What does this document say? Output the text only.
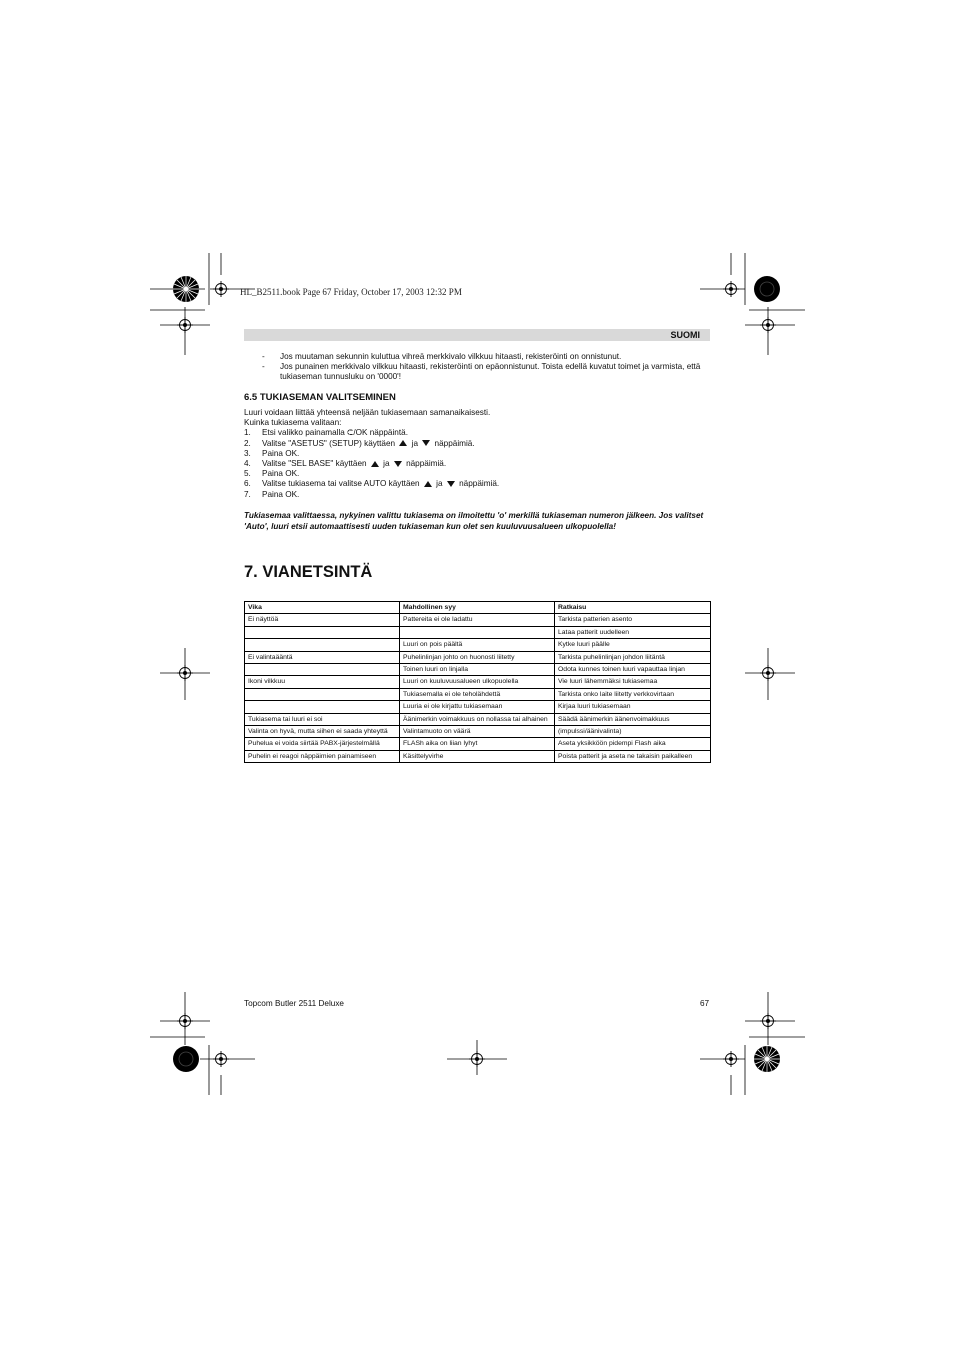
HL_B2511.book Page 67 Friday, October 17, 2003 12:32 PM
SUOMI
- Jos muutaman sekunnin kuluttua vihreä merkkivalo vilkkuu hitaasti, rekisteröinti on onnistunut.
- Jos punainen merkkivalo vilkkuu hitaasti, rekisteröinti on epäonnistunut. Toista edellä kuvatut toimet ja varmista, että tukiaseman tunnusluku on '0000'!
6.5 TUKIASEMAN VALITSEMINEN
Luuri voidaan liittää yhteensä neljään tukiasemaan samanaikaisesti.
Kuinka tukiasema valitaan:
1. Etsi valikko painamalla ⮈/OK näppäintä.
2. Valitse "ASETUS" (SETUP) käyttäen  ja  näppäimiä.
3. Paina OK.
4. Valitse "SEL BASE" käyttäen  ja  näppäimiä.
5. Paina OK.
6. Valitse tukiasema tai valitse AUTO käyttäen  ja  näppäimiä.
7. Paina OK.
Tukiasemaa valittaessa, nykyinen valittu tukiasema on ilmoitettu 'o' merkillä tukiaseman numeron jälkeen. Jos valitset 'Auto', luuri etsii automaattisesti uuden tukiaseman kun olet sen kuuluvuusalueen ulkopuolella!
7. VIANETSINTÄ
Vika	Mahdollinen syy	Ratkaisu
Ei näyttöä	Pattereita ei ole ladattu	Tarkista patterien asento
		Lataa patterit uudelleen
	Luuri on pois päältä	Kytke luuri päälle
Ei valintaääntä	Puhelinlinjan johto on huonosti liitetty	Tarkista puhelinlinjan johdon liitäntä
	Toinen luuri on linjalla	Odota kunnes toinen luuri vapauttaa linjan
Ikoni vilkkuu	Luuri on kuuluvuusalueen ulkopuolella	Vie luuri lähemmäksi tukiasemaa
	Tukiasemalla ei ole teholähdettä	Tarkista onko laite liitetty verkkovirtaan
	Luuria ei ole kirjattu tukiasemaan	Kirjaa luuri tukiasemaan
Tukiasema tai luuri ei soi	Äänimerkin voimakkuus on nollassa tai alhainen	Säädä äänimerkin äänenvoimakkuus
Valinta on hyvä, mutta siihen ei saada yhteyttä	Valintamuoto on väärä	(impulssi/äänivalinta)
Puhelua ei voida siirtää PABX-järjestelmällä	FLASh aika on liian lyhyt	Aseta yksikköön pidempi Flash aika
Puhelin ei reagoi näppäimien painamiseen	Käsittelyvirhe	Poista patterit ja aseta ne takaisin paikalleen
Topcom Butler 2511 Deluxe	67
